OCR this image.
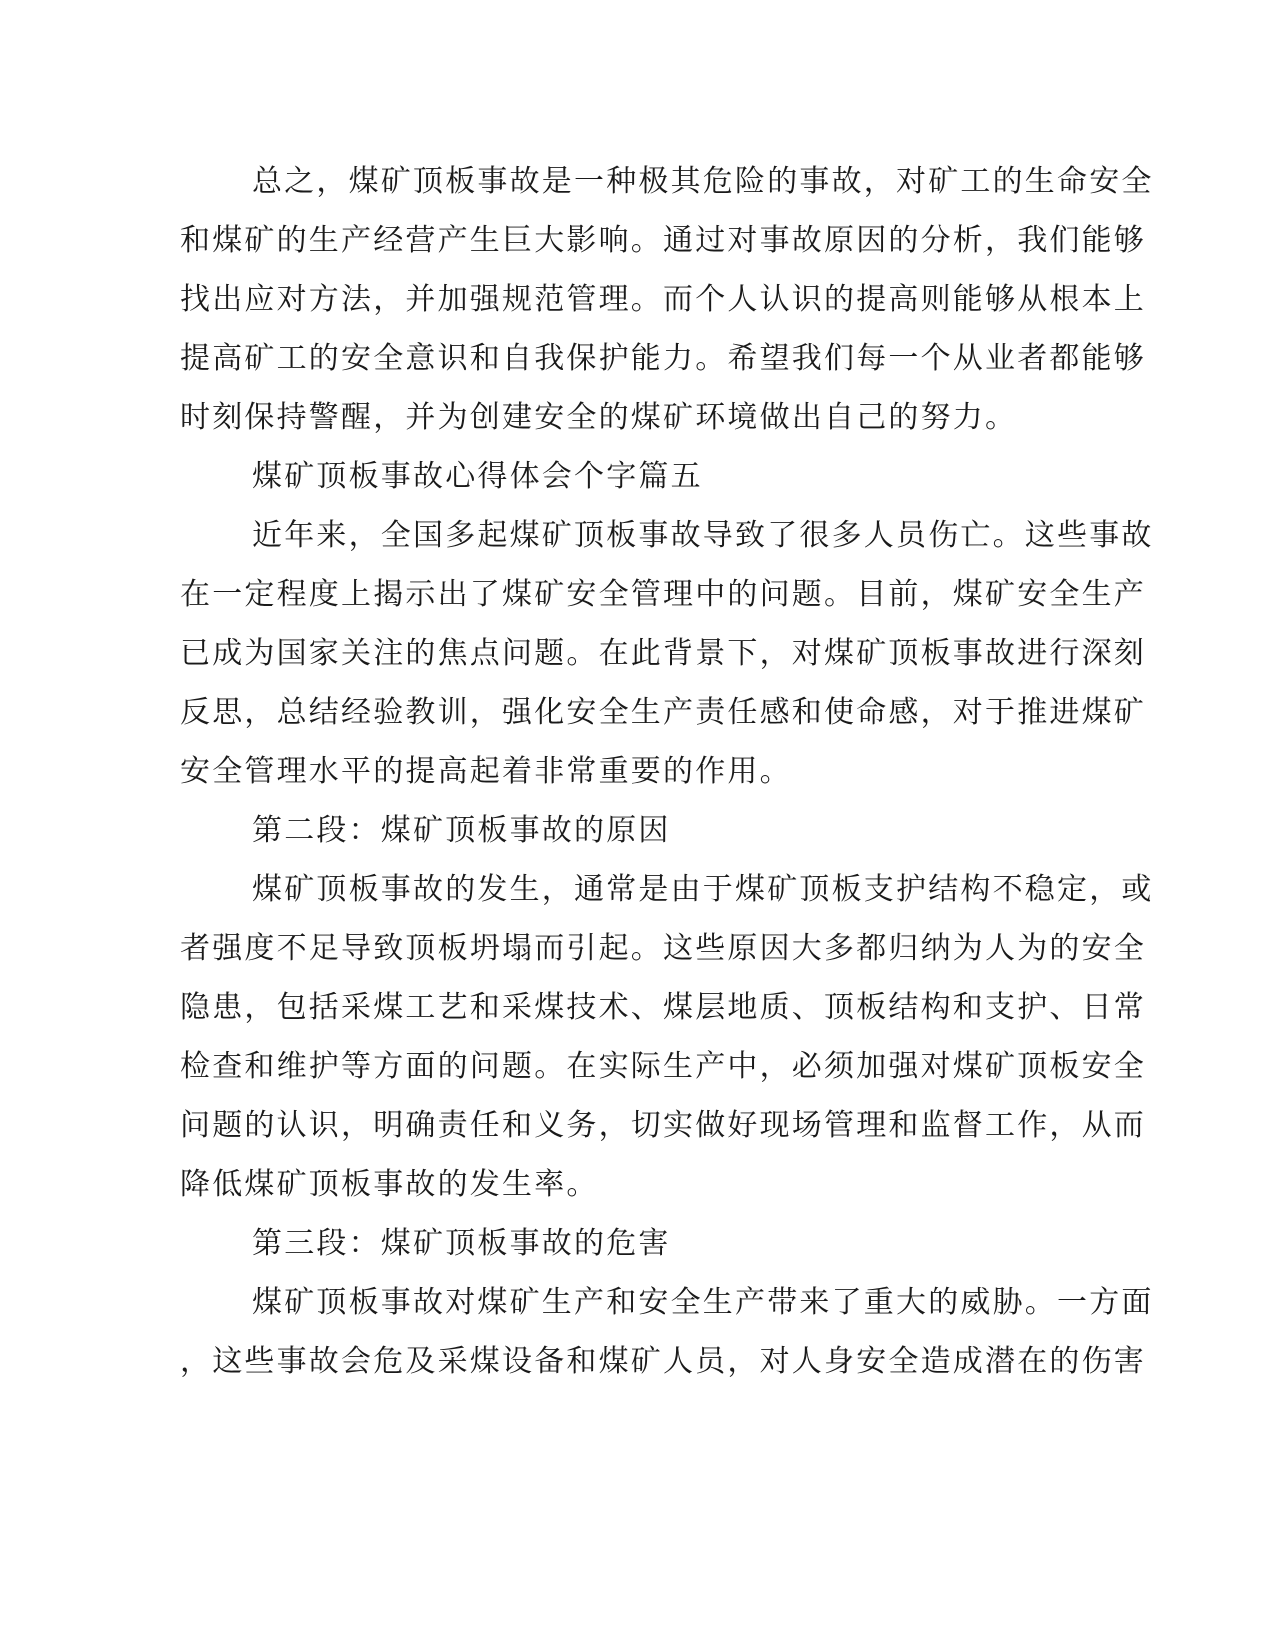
总之，煤矿顶板事故是一种极其危险的事故，对矿工的生命安全
和煤矿的生产经营产生巨大影响。通过对事故原因的分析，我们能够
找出应对方法，并加强规范管理。而个人认识的提高则能够从根本上
提高矿工的安全意识和自我保护能力。希望我们每一个从业者都能够
时刻保持警醒，并为创建安全的煤矿环境做出自己的努力。
煤矿顶板事故心得体会个字篇五
近年来，全国多起煤矿顶板事故导致了很多人员伤亡。这些事故
在一定程度上揭示出了煤矿安全管理中的问题。目前，煤矿安全生产
已成为国家关注的焦点问题。在此背景下，对煤矿顶板事故进行深刻
反思，总结经验教训，强化安全生产责任感和使命感，对于推进煤矿
安全管理水平的提高起着非常重要的作用。
第二段：煤矿顶板事故的原因
煤矿顶板事故的发生，通常是由于煤矿顶板支护结构不稳定，或
者强度不足导致顶板坍塌而引起。这些原因大多都归纳为人为的安全
隐患，包括采煤工艺和采煤技术、煤层地质、顶板结构和支护、日常
检查和维护等方面的问题。在实际生产中，必须加强对煤矿顶板安全
问题的认识，明确责任和义务，切实做好现场管理和监督工作，从而
降低煤矿顶板事故的发生率。
第三段：煤矿顶板事故的危害
煤矿顶板事故对煤矿生产和安全生产带来了重大的威胁。一方面
，这些事故会危及采煤设备和煤矿人员，对人身安全造成潜在的伤害
